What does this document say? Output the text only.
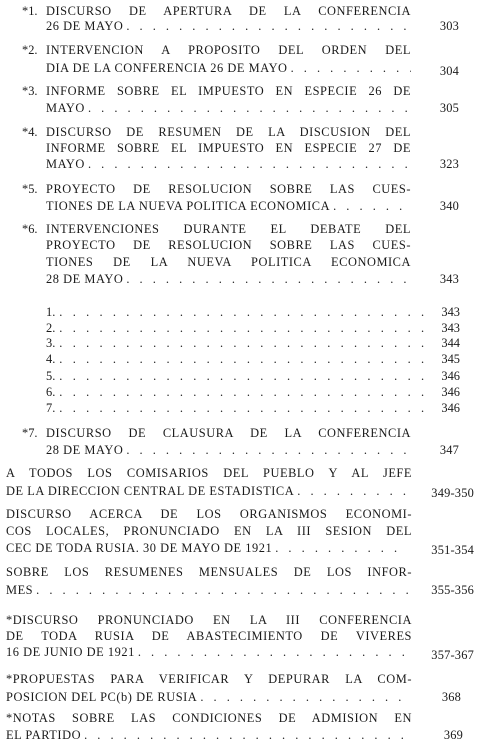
*1. DISCURSO DE APERTURA DE LA CONFERENCIA
26 DE MAYO . . .	303
*2. INTERVENCION A PROPOSITO DEL ORDEN DEL
DIA DE LA CONFERENCIA 26 DE MAYO . . .	304
*3. INFORME SOBRE EL IMPUESTO EN ESPECIE 26 DE
MAYO . . .	305
*4. DISCURSO DE RESUMEN DE LA DISCUSION DEL
INFORME SOBRE EL IMPUESTO EN ESPECIE 27 DE
MAYO . . .	323
*5. PROYECTO DE RESOLUCION SOBRE LAS CUES-
TIONES DE LA NUEVA POLITICA ECONOMICA . . .	340
*6. INTERVENCIONES DURANTE EL DEBATE DEL
PROYECTO DE RESOLUCION SOBRE LAS CUES-
TIONES DE LA NUEVA POLITICA ECONOMICA
28 DE MAYO . . .	343
1. . . .	343
2. . . .	343
3. . . .	344
4. . . .	345
5. . . .	346
6. . . .	346
7. . . .	346
*7. DISCURSO DE CLAUSURA DE LA CONFERENCIA
28 DE MAYO . . .	347
A TODOS LOS COMISARIOS DEL PUEBLO Y AL JEFE
DE LA DIRECCION CENTRAL DE ESTADISTICA . . .	349-350
DISCURSO ACERCA DE LOS ORGANISMOS ECONOMI-
COS LOCALES, PRONUNCIADO EN LA III SESION DEL
CEC DE TODA RUSIA. 30 DE MAYO DE 1921 . . .	351-354
SOBRE LOS RESUMENES MENSUALES DE LOS INFOR-
MES . . .	355-356
*DISCURSO PRONUNCIADO EN LA III CONFERENCIA
DE TODA RUSIA DE ABASTECIMIENTO DE VIVERES
16 DE JUNIO DE 1921 . . .	357-367
*PROPUESTAS PARA VERIFICAR Y DEPURAR LA COM-
POSICION DEL PC(b) DE RUSIA . . .	368
*NOTAS SOBRE LAS CONDICIONES DE ADMISION EN
EL PARTIDO . . .	369
